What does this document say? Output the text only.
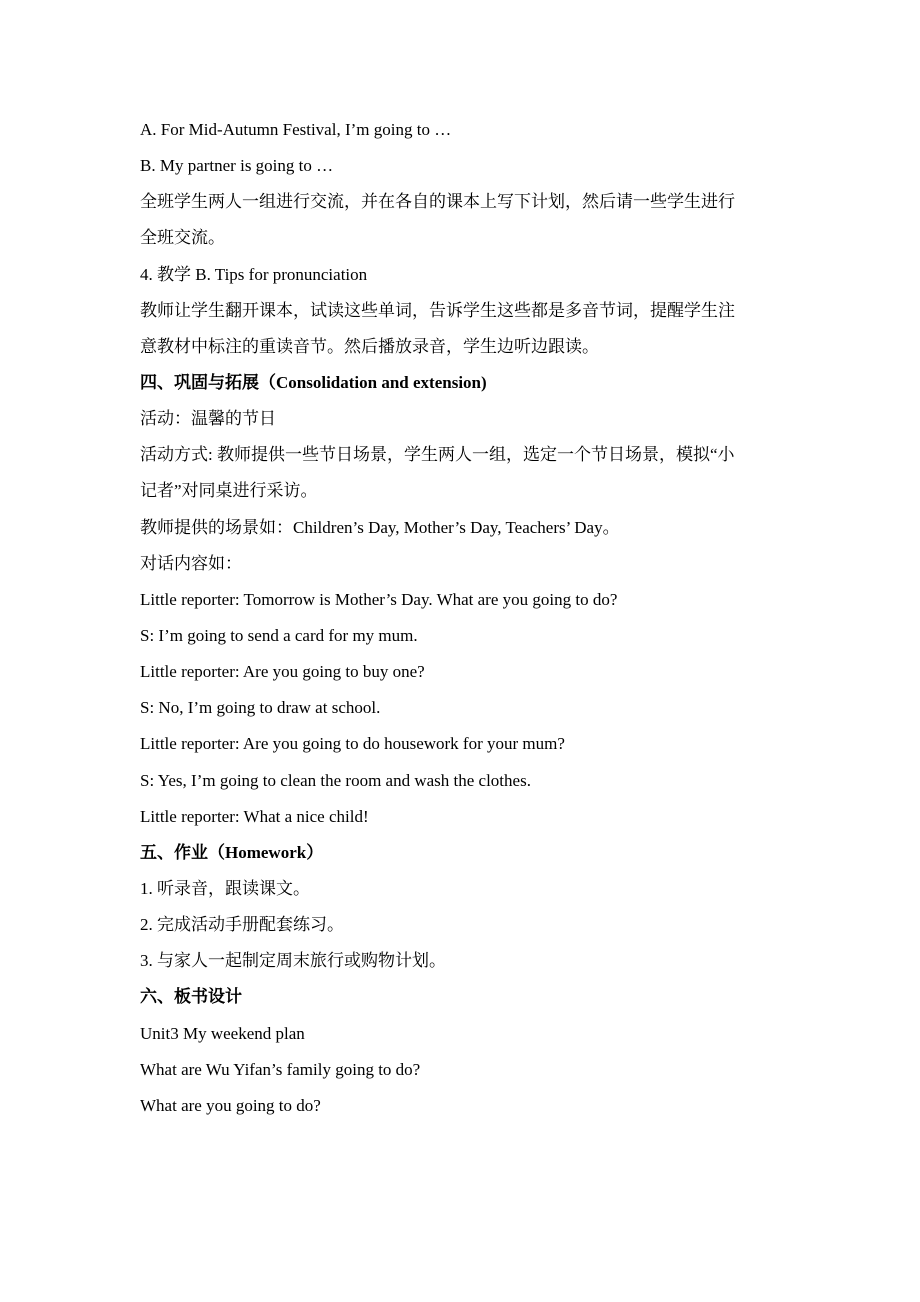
A. For Mid-Autumn Festival, I’m going to …
B. My partner is going to …
全班学生两人一组进行交流，并在各自的课本上写下计划，然后请一些学生进行
全班交流。
4. 教学 B. Tips for pronunciation
教师让学生翻开课本，试读这些单词，告诉学生这些都是多音节词，提醒学生注
意教材中标注的重读音节。然后播放录音，学生边听边跟读。
四、巩固与拓展（Consolidation and extension)
活动：温馨的节日
活动方式: 教师提供一些节日场景，学生两人一组，选定一个节日场景，模拟“小
记者”对同桌进行采访。
教师提供的场景如：Children’s Day, Mother’s Day, Teachers’ Day。
对话内容如：
Little reporter: Tomorrow is Mother’s Day. What are you going to do?
S: I’m going to send a card for my mum.
Little reporter: Are you going to buy one?
S: No, I’m going to draw at school.
Little reporter: Are you going to do housework for your mum?
S: Yes, I’m going to clean the room and wash the clothes.
Little reporter: What a nice child!
五、作业（Homework）
1. 听录音，跟读课文。
2. 完成活动手册配套练习。
3. 与家人一起制定周末旅行或购物计划。
六、板书设计
Unit3 My weekend plan
What are Wu Yifan’s family going to do?
What are you going to do?
